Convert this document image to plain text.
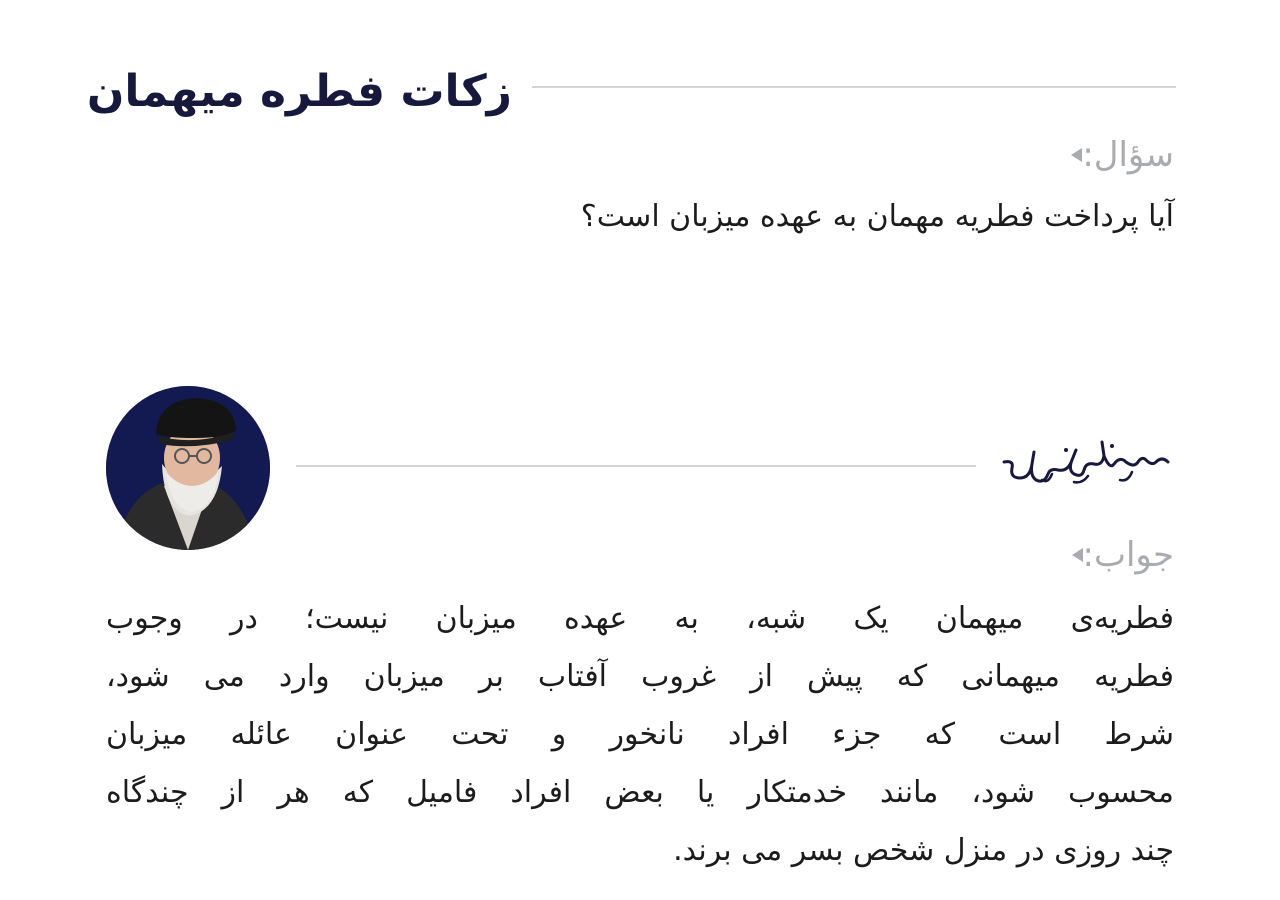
زکات فطره میهمان
سؤال:
آیا پرداخت فطریه مهمان به عهده میزبان است؟
جواب:
فطریه‌ی میهمان یک شبه، به عهده میزبان نیست؛ در وجوب
فطریه میهمانی که پیش از غروب آفتاب بر میزبان وارد می شود،
شرط است که جزء افراد نانخور و تحت عنوان عائله میزبان
محسوب شود، مانند خدمتکار یا بعض افراد فامیل که هر از چندگاه
چند روزی در منزل شخص بسر می برند.
